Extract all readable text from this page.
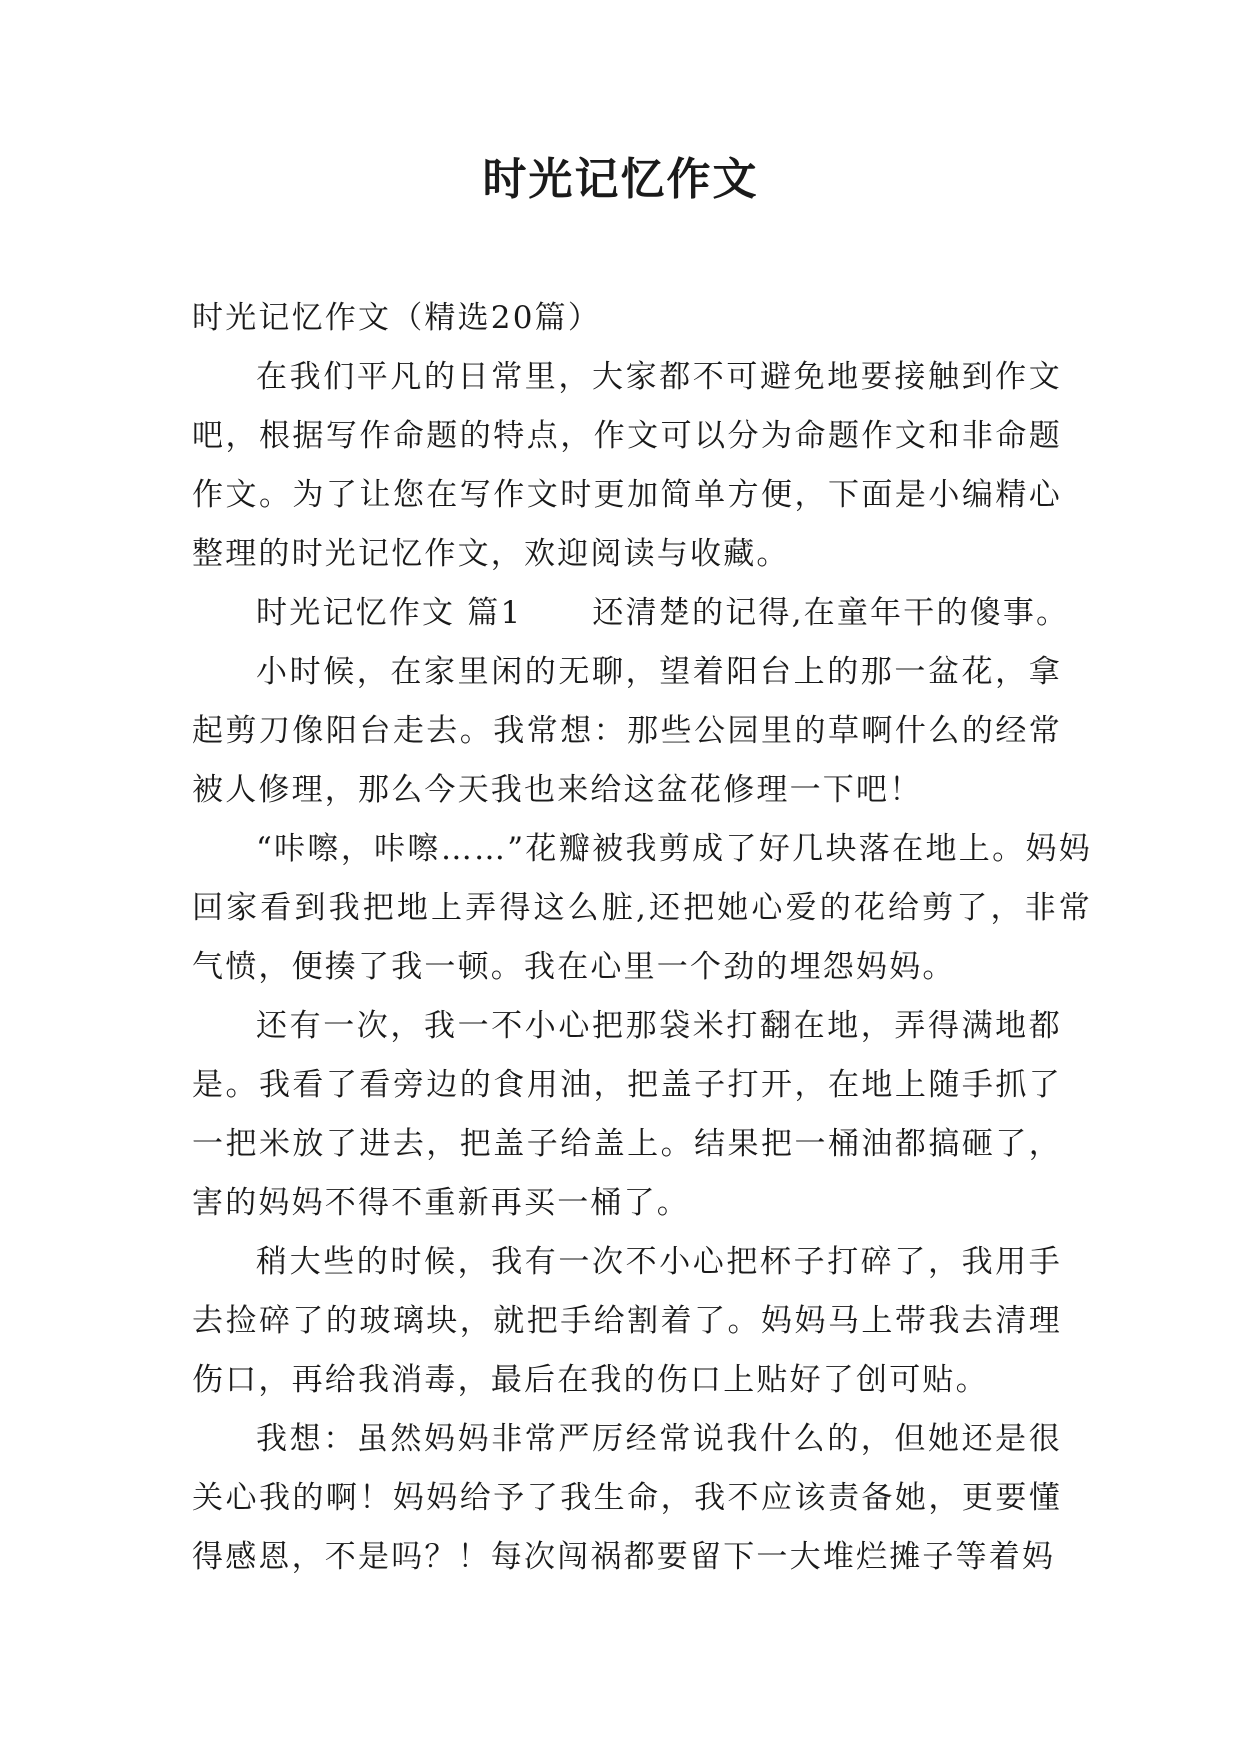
时光记忆作文

时光记忆作文（精选20篇）

在我们平凡的日常里，大家都不可避免地要接触到作文吧，根据写作命题的特点，作文可以分为命题作文和非命题作文。为了让您在写作文时更加简单方便，下面是小编精心整理的时光记忆作文，欢迎阅读与收藏。

时光记忆作文 篇1 还清楚的记得,在童年干的傻事。

小时候，在家里闲的无聊，望着阳台上的那一盆花，拿起剪刀像阳台走去。我常想：那些公园里的草啊什么的经常被人修理，那么今天我也来给这盆花修理一下吧！

“咔嚓，咔嚓……”花瓣被我剪成了好几块落在地上。妈妈回家看到我把地上弄得这么脏,还把她心爱的花给剪了，非常气愤，便揍了我一顿。我在心里一个劲的埋怨妈妈。

还有一次，我一不小心把那袋米打翻在地，弄得满地都是。我看了看旁边的食用油，把盖子打开，在地上随手抓了一把米放了进去，把盖子给盖上。结果把一桶油都搞砸了，害的妈妈不得不重新再买一桶了。

稍大些的时候，我有一次不小心把杯子打碎了，我用手去捡碎了的玻璃块，就把手给割着了。妈妈马上带我去清理伤口，再给我消毒，最后在我的伤口上贴好了创可贴。

我想：虽然妈妈非常严厉经常说我什么的，但她还是很关心我的啊！妈妈给予了我生命，我不应该责备她，更要懂得感恩，不是吗？！每次闯祸都要留下一大堆烂摊子等着妈
